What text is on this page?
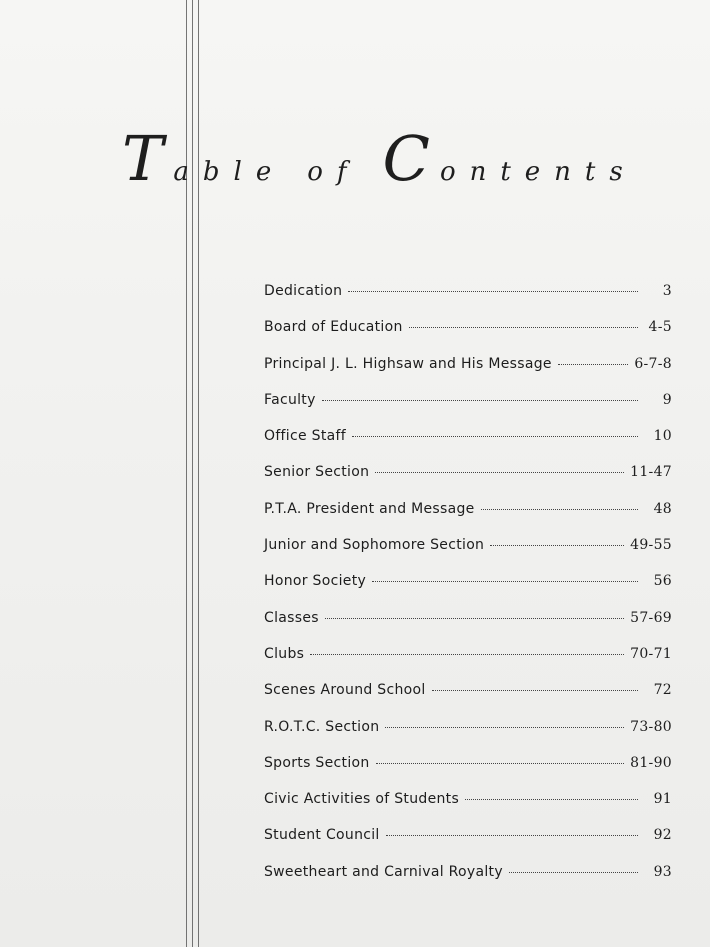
Table of Contents
Dedication	3
Board of Education	4-5
Principal J. L. Highsaw and His Message	6-7-8
Faculty	9
Office Staff	10
Senior Section	11-47
P.T.A. President and Message	48
Junior and Sophomore Section	49-55
Honor Society	56
Classes	57-69
Clubs	70-71
Scenes Around School	72
R.O.T.C. Section	73-80
Sports Section	81-90
Civic Activities of Students	91
Student Council	92
Sweetheart and Carnival Royalty	93
